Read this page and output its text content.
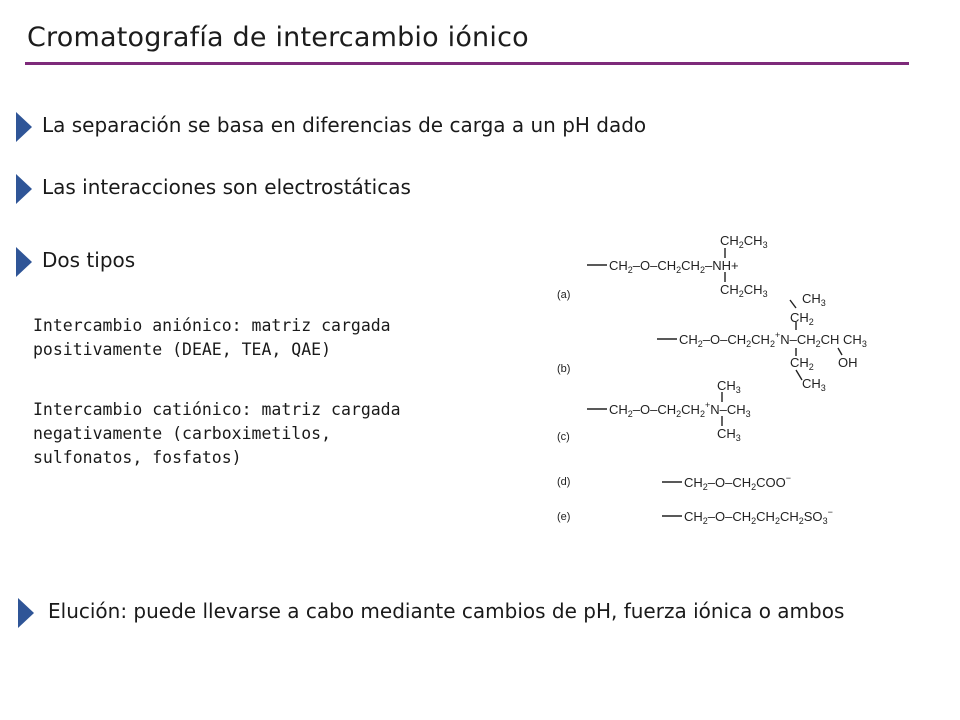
Cromatografía de intercambio iónico
La separación se basa en diferencias de carga a un pH dado
Las interacciones son electrostáticas
Dos tipos
Intercambio aniónico: matriz cargada
positivamente (DEAE, TEA, QAE)
Intercambio catiónico: matriz cargada
negativamente (carboximetilos,
sulfonatos, fosfatos)
$CH_2CH_3$
$CH_2-O-CH_2CH_2-NH+$
$CH_2CH_3$
(a)	$CH_3$
$CH_2$
$CH_2-O-CH_2CH_2^+N-CH_2CH$ $CH_3$
$CH_2$ OH
$CH_3$
(b)
$CH_3$
$CH_2-O-CH_2CH_2^+N-CH_3$
$CH_3$
(c)
$CH_2-O-CH_2COO^-$
(d)
$CH_2-O-CH_2CH_2CH_2SO_3^-$
(e)
Elución: puede llevarse a cabo mediante cambios de pH, fuerza iónica o ambos
